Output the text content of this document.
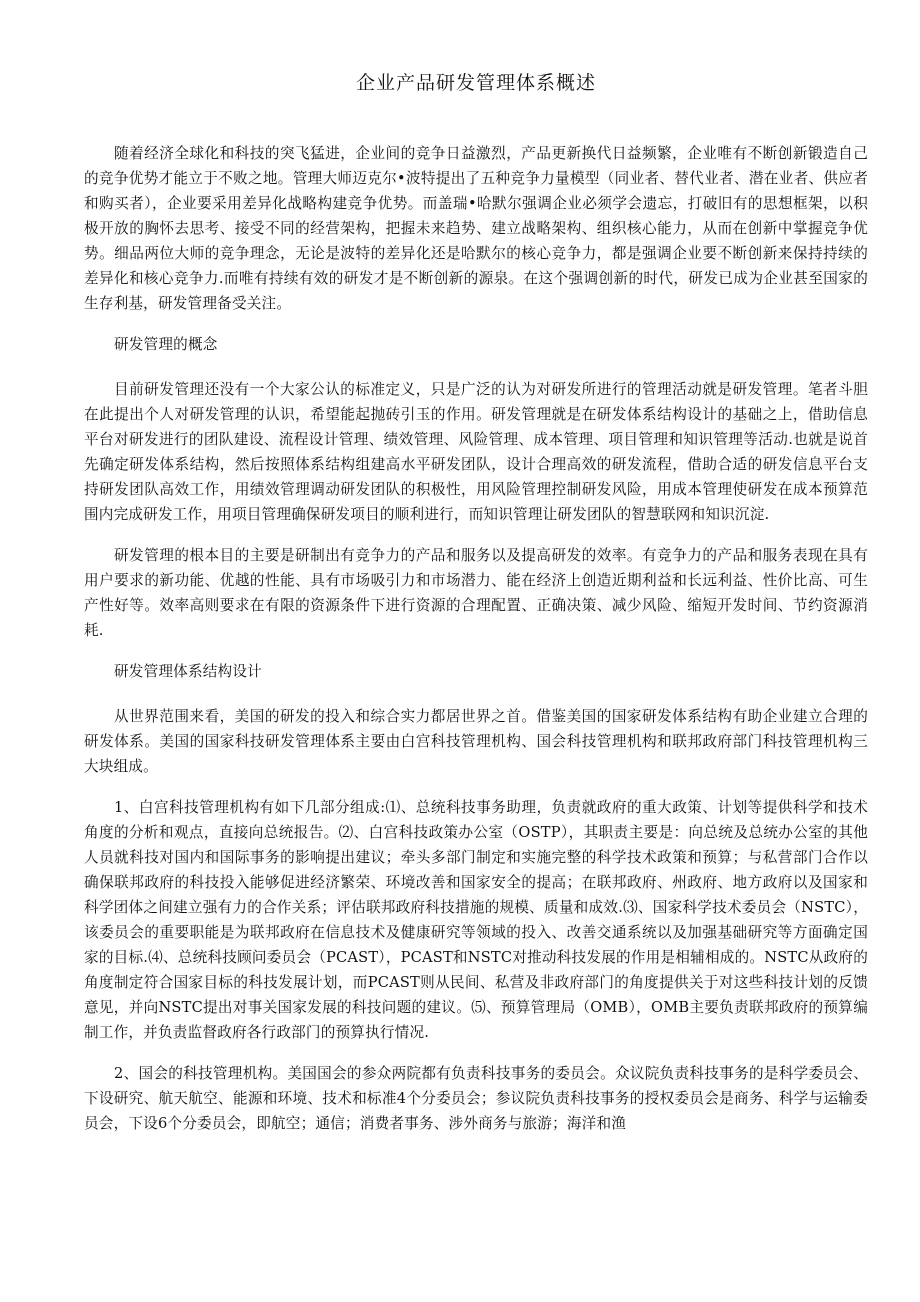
企业产品研发管理体系概述

随着经济全球化和科技的突飞猛进，企业间的竞争日益激烈，产品更新换代日益频繁，企业唯有不断创新锻造自己的竞争优势才能立于不败之地。管理大师迈克尔•波特提出了五种竞争力量模型（同业者、替代业者、潜在业者、供应者和购买者），企业要采用差异化战略构建竞争优势。而盖瑞•哈默尔强调企业必须学会遗忘，打破旧有的思想框架，以积极开放的胸怀去思考、接受不同的经营架构，把握未来趋势、建立战略架构、组织核心能力，从而在创新中掌握竞争优势。细品两位大师的竞争理念，无论是波特的差异化还是哈默尔的核心竞争力，都是强调企业要不断创新来保持持续的差异化和核心竞争力.而唯有持续有效的研发才是不断创新的源泉。在这个强调创新的时代，研发已成为企业甚至国家的生存利基，研发管理备受关注。

研发管理的概念

目前研发管理还没有一个大家公认的标准定义，只是广泛的认为对研发所进行的管理活动就是研发管理。笔者斗胆在此提出个人对研发管理的认识，希望能起抛砖引玉的作用。研发管理就是在研发体系结构设计的基础之上，借助信息平台对研发进行的团队建设、流程设计管理、绩效管理、风险管理、成本管理、项目管理和知识管理等活动.也就是说首先确定研发体系结构，然后按照体系结构组建高水平研发团队，设计合理高效的研发流程，借助合适的研发信息平台支持研发团队高效工作，用绩效管理调动研发团队的积极性，用风险管理控制研发风险，用成本管理使研发在成本预算范围内完成研发工作，用项目管理确保研发项目的顺利进行，而知识管理让研发团队的智慧联网和知识沉淀.

研发管理的根本目的主要是研制出有竞争力的产品和服务以及提高研发的效率。有竞争力的产品和服务表现在具有用户要求的新功能、优越的性能、具有市场吸引力和市场潜力、能在经济上创造近期利益和长远利益、性价比高、可生产性好等。效率高则要求在有限的资源条件下进行资源的合理配置、正确决策、减少风险、缩短开发时间、节约资源消耗.

研发管理体系结构设计

从世界范围来看，美国的研发的投入和综合实力都居世界之首。借鉴美国的国家研发体系结构有助企业建立合理的研发体系。美国的国家科技研发管理体系主要由白宫科技管理机构、国会科技管理机构和联邦政府部门科技管理机构三大块组成。

1、白宫科技管理机构有如下几部分组成:⑴、总统科技事务助理，负责就政府的重大政策、计划等提供科学和技术角度的分析和观点，直接向总统报告。⑵、白宫科技政策办公室（OSTP），其职责主要是：向总统及总统办公室的其他人员就科技对国内和国际事务的影响提出建议；牵头多部门制定和实施完整的科学技术政策和预算；与私营部门合作以确保联邦政府的科技投入能够促进经济繁荣、环境改善和国家安全的提高；在联邦政府、州政府、地方政府以及国家和科学团体之间建立强有力的合作关系；评估联邦政府科技措施的规模、质量和成效.⑶、国家科学技术委员会（NSTC），该委员会的重要职能是为联邦政府在信息技术及健康研究等领域的投入、改善交通系统以及加强基础研究等方面确定国家的目标.⑷、总统科技顾问委员会（PCAST），PCAST和NSTC对推动科技发展的作用是相辅相成的。NSTC从政府的角度制定符合国家目标的科技发展计划，而PCAST则从民间、私营及非政府部门的角度提供关于对这些科技计划的反馈意见，并向NSTC提出对事关国家发展的科技问题的建议。⑸、预算管理局（OMB），OMB主要负责联邦政府的预算编制工作，并负责监督政府各行政部门的预算执行情况.

2、国会的科技管理机构。美国国会的参众两院都有负责科技事务的委员会。众议院负责科技事务的是科学委员会、下设研究、航天航空、能源和环境、技术和标准4个分委员会；参议院负责科技事务的授权委员会是商务、科学与运输委员会，下设6个分委员会，即航空；通信；消费者事务、涉外商务与旅游；海洋和渔
